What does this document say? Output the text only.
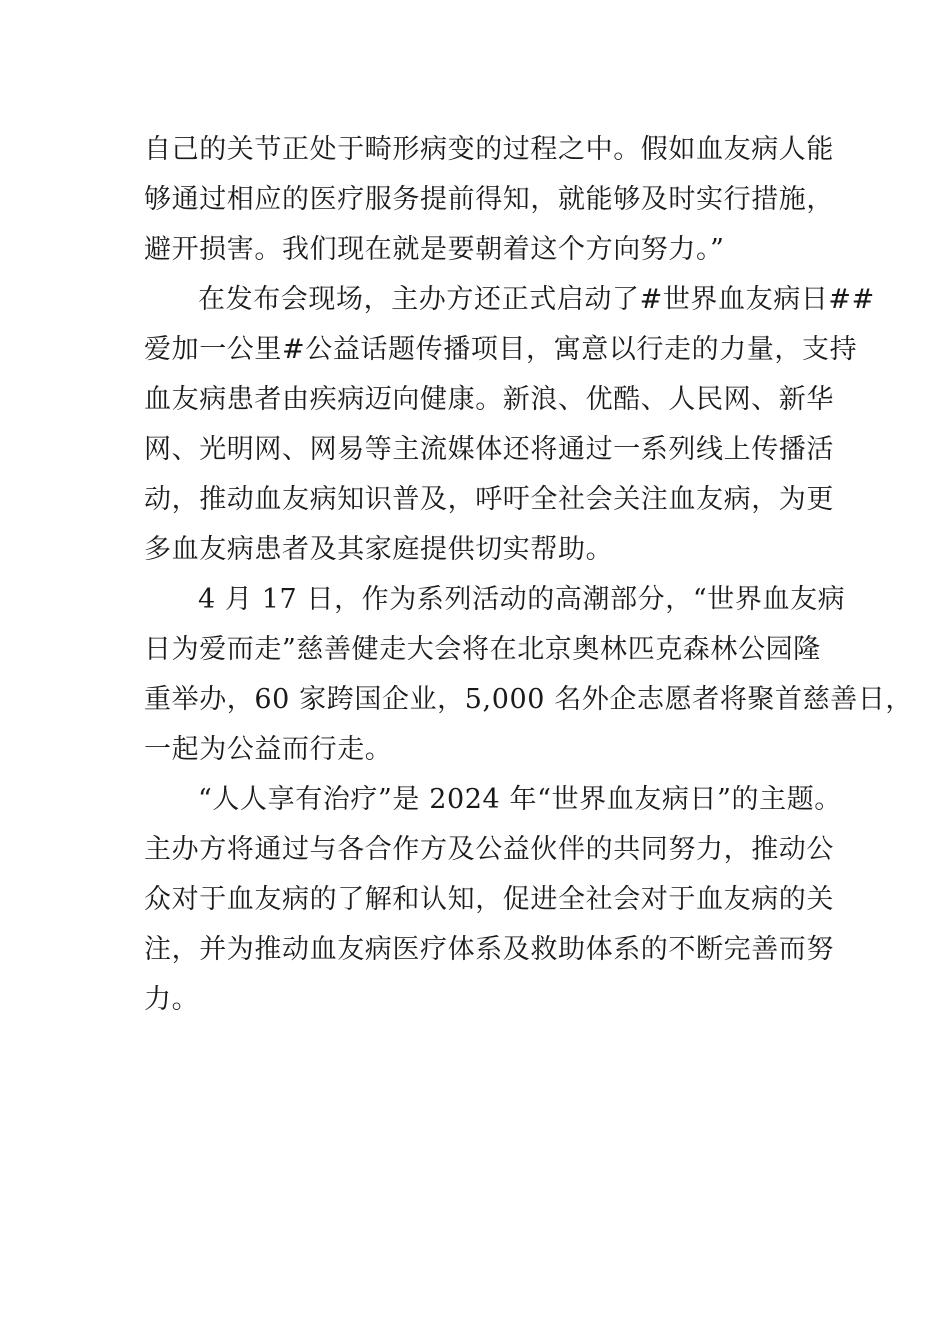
自己的关节正处于畸形病变的过程之中。假如血友病人能
够通过相应的医疗服务提前得知，就能够及时实行措施，
避开损害。我们现在就是要朝着这个方向努力。”
在发布会现场，主办方还正式启动了#世界血友病日##
爱加一公里#公益话题传播项目，寓意以行走的力量，支持
血友病患者由疾病迈向健康。新浪、优酷、人民网、新华
网、光明网、网易等主流媒体还将通过一系列线上传播活
动，推动血友病知识普及，呼吁全社会关注血友病，为更
多血友病患者及其家庭提供切实帮助。
4 月 17 日，作为系列活动的高潮部分，“世界血友病
日为爱而走”慈善健走大会将在北京奥林匹克森林公园隆
重举办，60 家跨国企业，5,000 名外企志愿者将聚首慈善日，
一起为公益而行走。
“人人享有治疗”是 2024 年“世界血友病日”的主题。
主办方将通过与各合作方及公益伙伴的共同努力，推动公
众对于血友病的了解和认知，促进全社会对于血友病的关
注，并为推动血友病医疗体系及救助体系的不断完善而努
力。
